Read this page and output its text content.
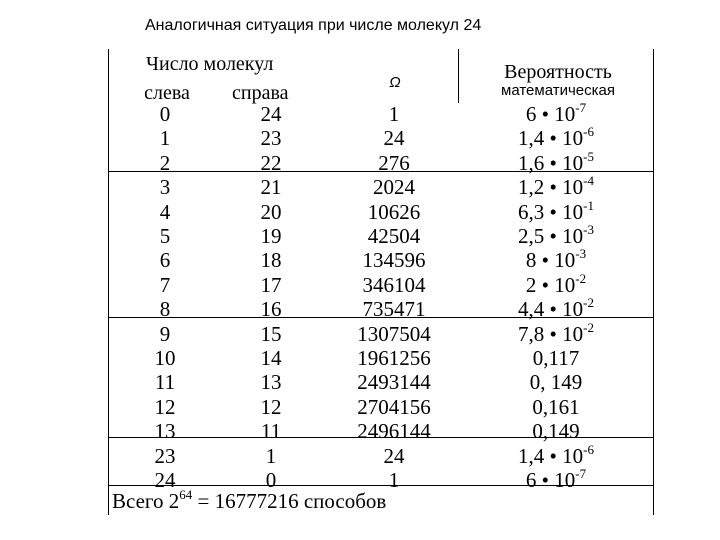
Аналогичная ситуация при числе молекул 24
Число молекул
слева	справа	Ω	Вероятность
математическая
0	24	1	6 • $10^{-7}$
1	23	24	1,4 • $10^{-6}$
2	22	276	1,6 • $10^{-5}$
3	21	2024	1,2 • $10^{-4}$
4	20	10626	6,3 • $10^{-1}$
5	19	42504	2,5 • $10^{-3}$
6	18	134596	8 • $10^{-3}$
7	17	346104	2 • $10^{-2}$
8	16	735471	4,4 • $10^{-2}$
9	15	1307504	7,8 • $10^{-2}$
10	14	1961256	0,117
11	13	2493144	0, 149
12	12	2704156	0,161
13	11	2496144	0,149
23	1	24	1,4 • $10^{-6}$
24	0	1	6 • $10^{-7}$
Всего $2^{64} = 16777216$ способов
